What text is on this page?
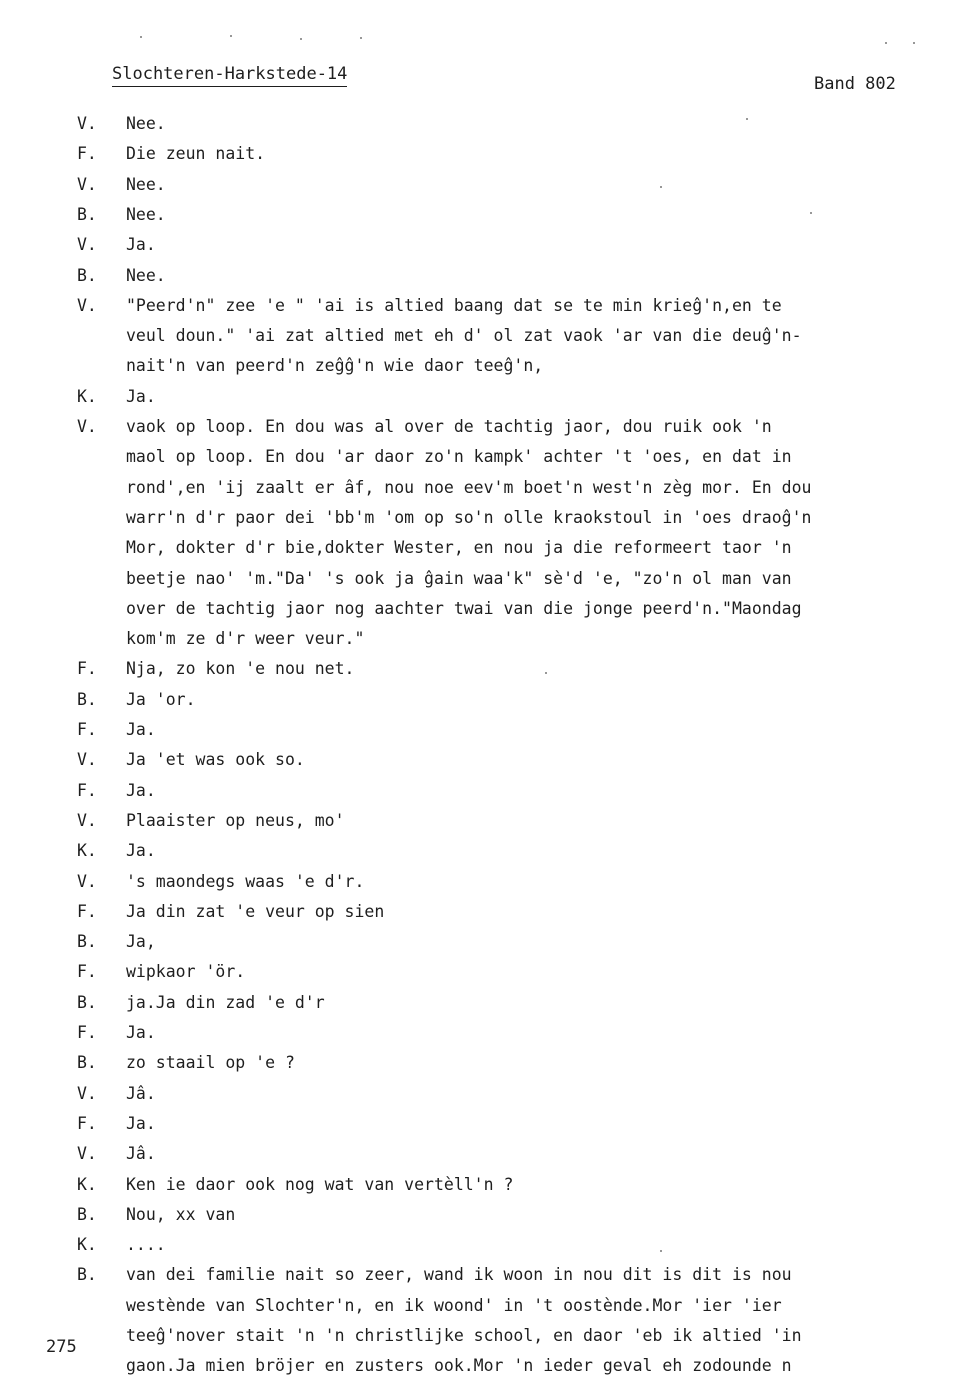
Slochteren-Harkstede-14	Band 802
V.	Nee.
F.	Die zeun nait.
V.	Nee.
B.	Nee.
V.	Ja.
B.	Nee.
V.	"Peerd'n" zee 'e " 'ai is altied baang dat se te min krieĝ'n,en te
veul doun." 'ai zat altied met eh d' ol zat vaok 'ar van die deuĝ'n-
nait'n van peerd'n zeĝĝ'n wie daor teeĝ'n,
K.	Ja.
V.	vaok op loop. En dou was al over de tachtig jaor, dou ruik ook 'n
maol op loop. En dou 'ar daor zo'n kampk' achter 't 'oes, en dat in
rond',en 'ij zaalt er âf, nou noe eev'm boet'n west'n zèg mor. En dou
warr'n d'r paor dei 'bb'm 'om op so'n olle kraokstoul in 'oes draoĝ'n
Mor, dokter d'r bie,dokter Wester, en nou ja die reformeert taor 'n
beetje nao' 'm."Da' 's ook ja ĝain waa'k" sè'd 'e, "zo'n ol man van
over de tachtig jaor nog aachter twai van die jonge peerd'n."Maondag
kom'm ze d'r weer veur."
F.	Nja, zo kon 'e nou net.
B.	Ja 'or.
F.	Ja.
V.	Ja 'et was ook so.
F.	Ja.
V.	Plaaister op neus, mo'
K.	Ja.
V.	's maondegs waas 'e d'r.
F.	Ja din zat 'e veur op sien
B.	Ja,
F.	wipkaor 'ör.
B.	ja.Ja din zad 'e d'r
F.	Ja.
B.	zo staail op 'e ?
V.	Jâ.
F.	Ja.
V.	Jâ.
K.	Ken ie daor ook nog wat van vertèll'n ?
B.	Nou, xx van
K.	....
B.	van dei familie nait so zeer, wand ik woon in nou dit is dit is nou
westènde van Slochter'n, en ik woond' in 't oostènde.Mor 'ier 'ier
teeĝ'nover stait 'n 'n christlijke school, en daor 'eb ik altied 'in
gaon.Ja mien bröjer en zusters ook.Mor 'n ieder geval eh zodounde n
275
